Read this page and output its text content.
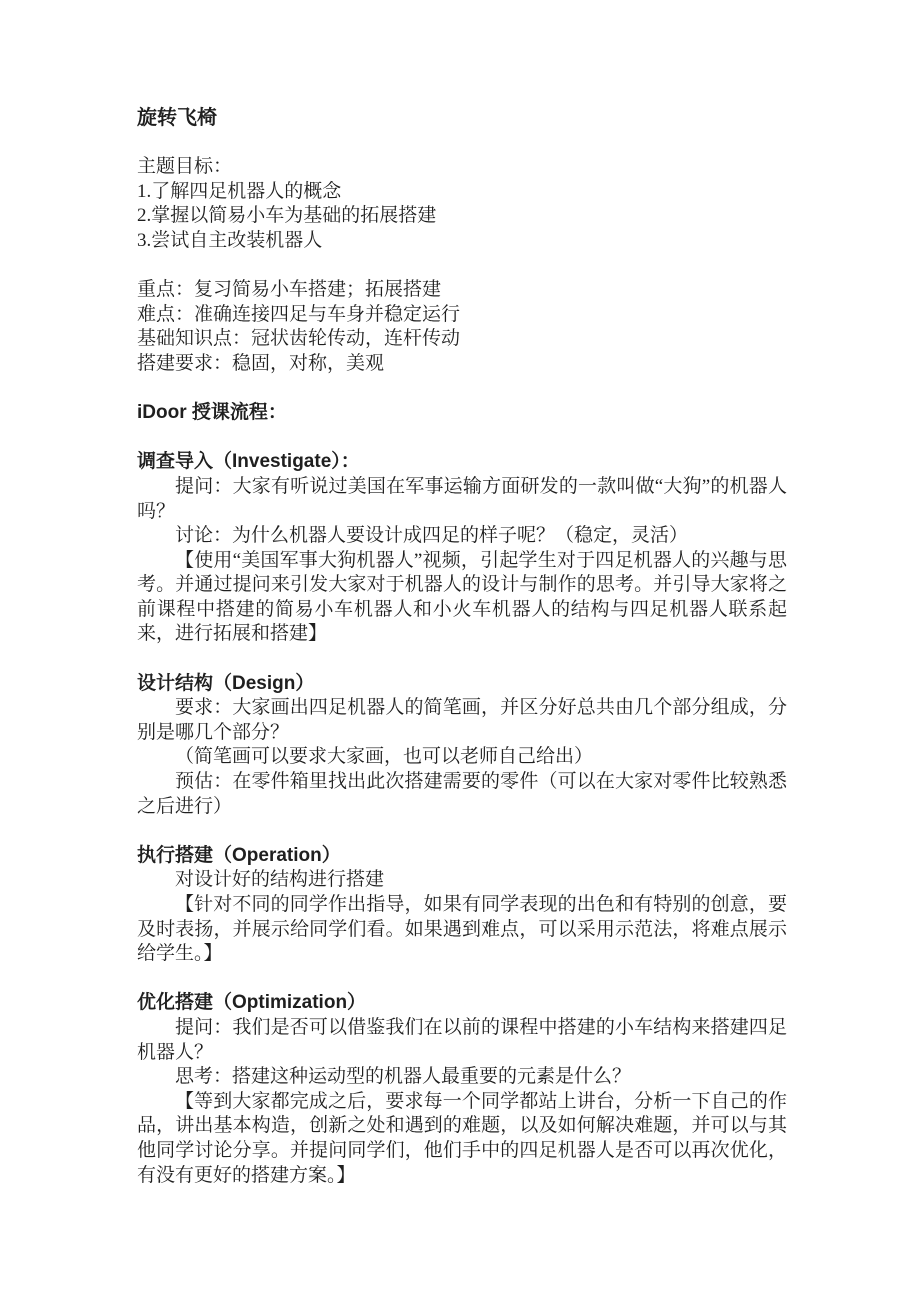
旋转飞椅

主题目标：

1.了解四足机器人的概念

2.掌握以简易小车为基础的拓展搭建

3.尝试自主改装机器人

重点：复习简易小车搭建；拓展搭建

难点：准确连接四足与车身并稳定运行

基础知识点：冠状齿轮传动，连杆传动

搭建要求：稳固，对称，美观

iDoor 授课流程：

调查导入（Investigate）：

提问：大家有听说过美国在军事运输方面研发的一款叫做“大狗”的机器人吗？

讨论：为什么机器人要设计成四足的样子呢？（稳定，灵活）

【使用“美国军事大狗机器人”视频，引起学生对于四足机器人的兴趣与思考。并通过提问来引发大家对于机器人的设计与制作的思考。并引导大家将之前课程中搭建的简易小车机器人和小火车机器人的结构与四足机器人联系起来，进行拓展和搭建】

设计结构（Design）

要求：大家画出四足机器人的简笔画，并区分好总共由几个部分组成，分别是哪几个部分？

（简笔画可以要求大家画，也可以老师自己给出）

预估：在零件箱里找出此次搭建需要的零件（可以在大家对零件比较熟悉之后进行）

执行搭建（Operation）

对设计好的结构进行搭建

【针对不同的同学作出指导，如果有同学表现的出色和有特别的创意，要及时表扬，并展示给同学们看。如果遇到难点，可以采用示范法，将难点展示给学生。】

优化搭建（Optimization）

提问：我们是否可以借鉴我们在以前的课程中搭建的小车结构来搭建四足机器人？

思考：搭建这种运动型的机器人最重要的元素是什么？

【等到大家都完成之后，要求每一个同学都站上讲台，分析一下自己的作品，讲出基本构造，创新之处和遇到的难题，以及如何解决难题，并可以与其他同学讨论分享。并提问同学们，他们手中的四足机器人是否可以再次优化，有没有更好的搭建方案。】
